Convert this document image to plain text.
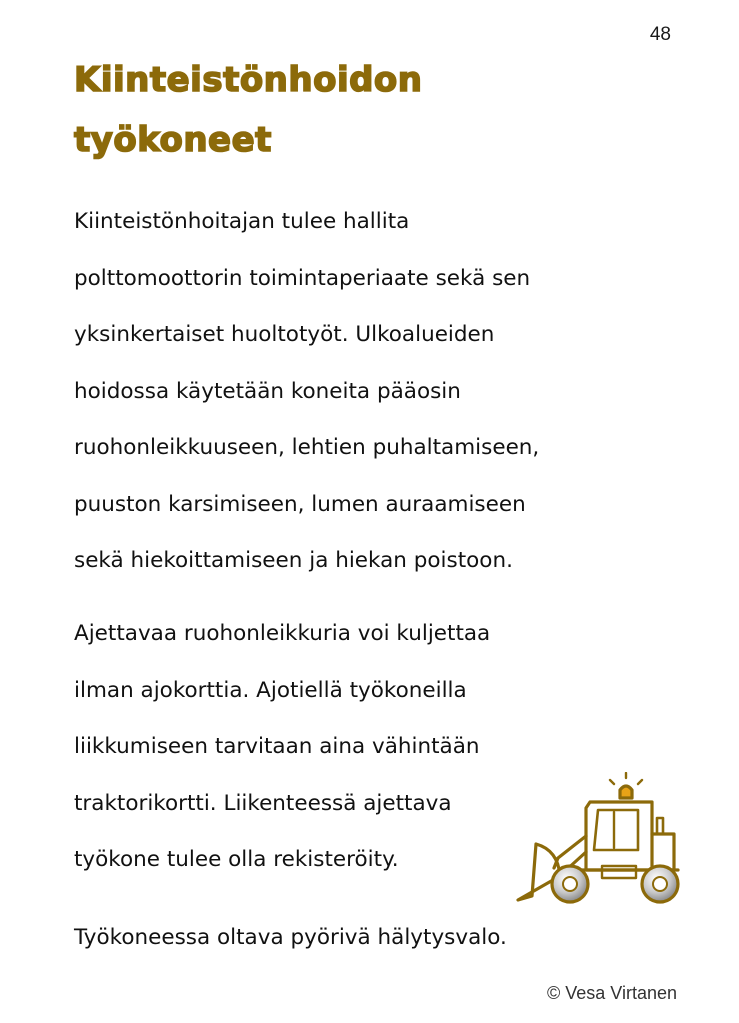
48
Kiinteistönhoidon
työkoneet
Kiinteistönhoitajan tulee hallita
polttomoottorin toimintaperiaate sekä sen
yksinkertaiset huoltotyöt. Ulkoalueiden
hoidossa käytetään koneita pääosin
ruohonleikkuuseen, lehtien puhaltamiseen,
puuston karsimiseen, lumen auraamiseen
sekä hiekoittamiseen ja hiekan poistoon.
Ajettavaa ruohonleikkuria voi kuljettaa
ilman ajokorttia. Ajotiellä työkoneilla
liikkumiseen tarvitaan aina vähintään
traktorikortti. Liikenteessä ajettava
työkone tulee olla rekisteröity.
Työkoneessa oltava pyörivä hälytysvalo.
© Vesa Virtanen
